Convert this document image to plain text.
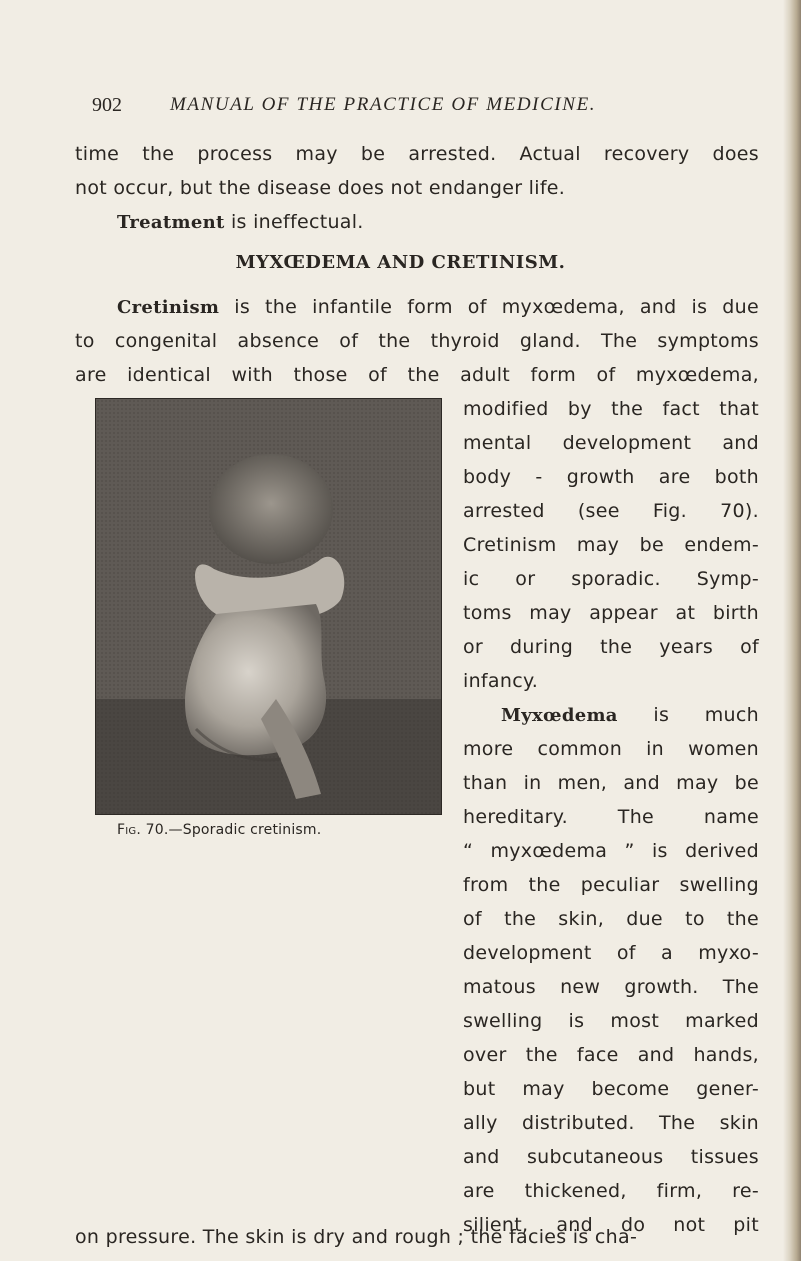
902	MANUAL OF THE PRACTICE OF MEDICINE.
time the process may be arrested. Actual recovery does
not occur, but the disease does not endanger life.
Treatment is ineffectual.
MYXŒDEMA AND CRETINISM.
Cretinism is the infantile form of myxœdema, and is due
to congenital absence of the thyroid gland. The symptoms
are identical with those of the adult form of myxœdema,
modified by the fact that
mental development and
body - growth are both
arrested (see Fig. 70).
Cretinism may be endem-
ic or sporadic. Symp-
toms may appear at birth
or during the years of
infancy.
Myxœdema is much
more common in women
than in men, and may be
hereditary. The name
“ myxœdema ” is derived
from the peculiar swelling
of the skin, due to the
development of a myxo-
matous new growth. The
swelling is most marked
over the face and hands,
but may become gener-
ally distributed. The skin
and subcutaneous tissues
are thickened, firm, re-
silient, and do not pit
Fig. 70.—Sporadic cretinism.
on pressure. The skin is dry and rough ; the facies is cha-
